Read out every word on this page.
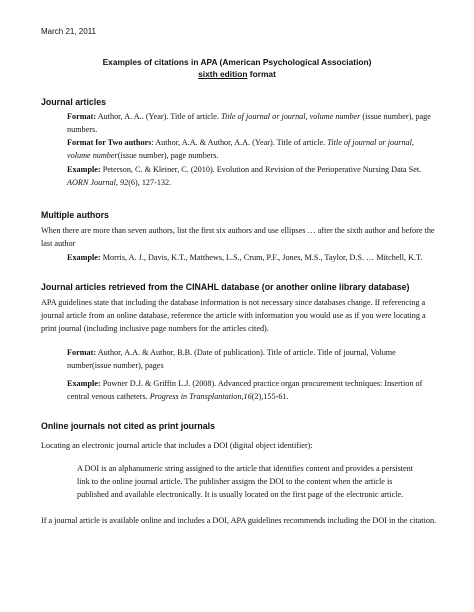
March 21, 2011
Examples of citations in APA (American Psychological Association)
sixth edition format
Journal articles
Format: Author, A. A.. (Year). Title of article. Title of journal or journal, volume number (issue number), page numbers.
Format for Two authors: Author, A.A. & Author, A.A. (Year). Title of article. Title of journal or journal, volume number(issue number), page numbers.
Example: Peterson, C. & Kleiner, C. (2010). Evolution and Revision of the Perioperative Nursing Data Set. AORN Journal, 92(6), 127-132.
Multiple authors
When there are more than seven authors, list the first six authors and use ellipses … after the sixth author and before the last author
Example: Morris, A. J., Davis, K.T., Matthews, L.S., Crum, P.F., Jones, M.S., Taylor, D.S. … Mitchell, K.T.
Journal articles retrieved from the CINAHL database (or another online library database)
APA guidelines state that including the database information is not necessary since databases change. If referencing a journal article from an online database, reference the article with information you would use as if you were locating a print journal (including inclusive page numbers for the articles cited).
Format: Author, A.A. & Author, B.B. (Date of publication). Title of article. Title of journal, Volume number(issue number), pages
Example: Powner D.J. & Griffin L.J. (2008). Advanced practice organ procurement techniques: Insertion of central venous catheters. Progress in Transplantation,16(2),155-61.
Online journals not cited as print journals
Locating an electronic journal article that includes a DOI (digital object identifier):
A DOI is an alphanumeric string assigned to the article that identifies content and provides a persistent link to the online journal article. The publisher assigns the DOI to the content when the article is published and available electronically. It is usually located on the first page of the electronic article.
If a journal article is available online and includes a DOI, APA guidelines recommends including the DOI in the citation.
